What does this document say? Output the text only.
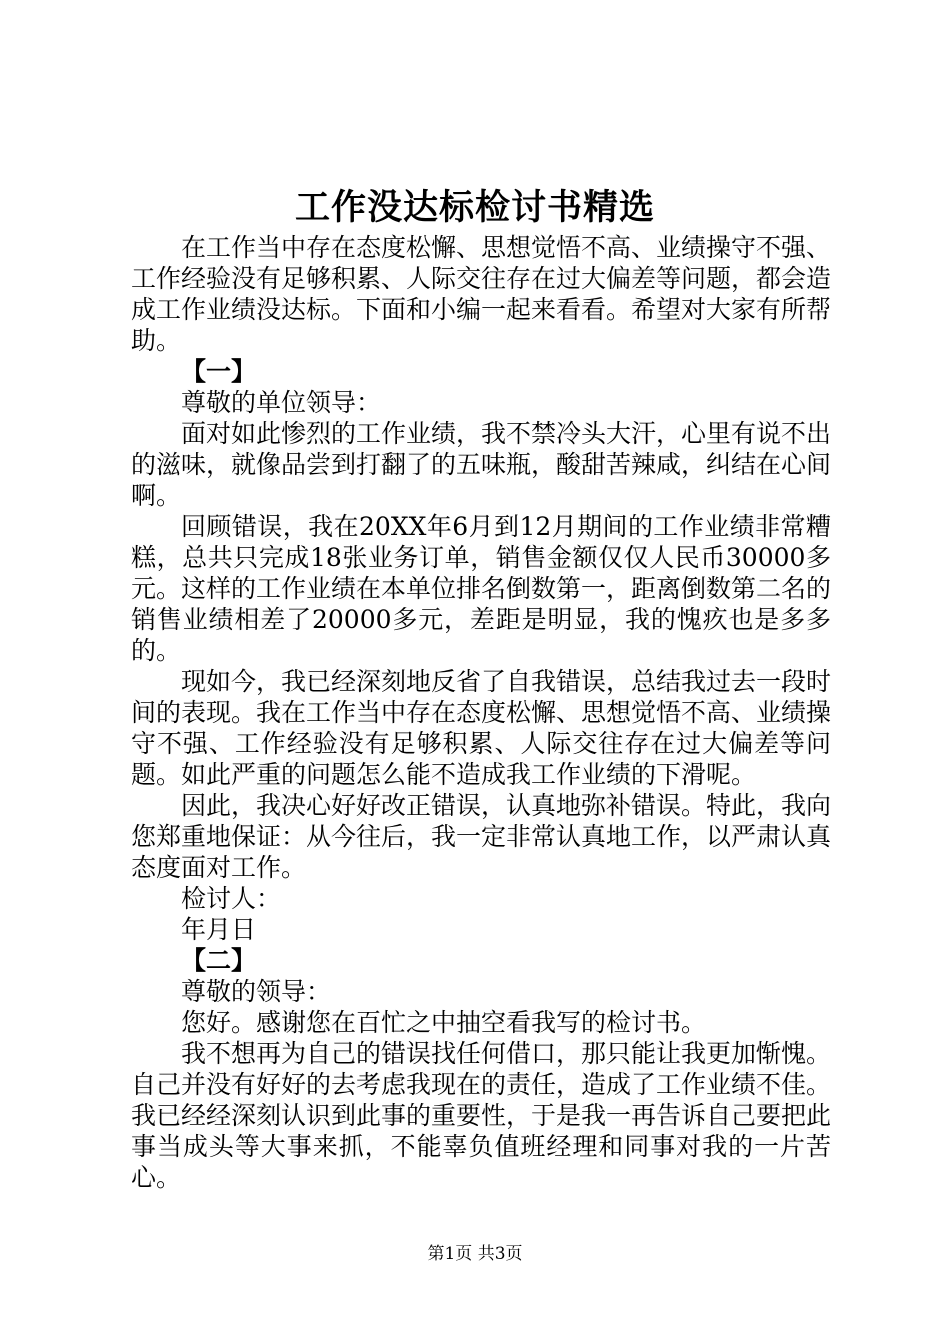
工作没达标检讨书精选

在工作当中存在态度松懈、思想觉悟不高、业绩操守不强、工作经验没有足够积累、人际交往存在过大偏差等问题，都会造成工作业绩没达标。下面和小编一起来看看。希望对大家有所帮助。

【一】

尊敬的单位领导：

面对如此惨烈的工作业绩，我不禁冷头大汗，心里有说不出的滋味，就像品尝到打翻了的五味瓶，酸甜苦辣咸，纠结在心间啊。

回顾错误，我在20XX年6月到12月期间的工作业绩非常糟糕，总共只完成18张业务订单，销售金额仅仅人民币30000多元。这样的工作业绩在本单位排名倒数第一，距离倒数第二名的销售业绩相差了20000多元，差距是明显，我的愧疚也是多多的。

现如今，我已经深刻地反省了自我错误，总结我过去一段时间的表现。我在工作当中存在态度松懈、思想觉悟不高、业绩操守不强、工作经验没有足够积累、人际交往存在过大偏差等问题。如此严重的问题怎么能不造成我工作业绩的下滑呢。

因此，我决心好好改正错误，认真地弥补错误。特此，我向您郑重地保证：从今往后，我一定非常认真地工作，以严肃认真态度面对工作。

检讨人：

年月日

【二】

尊敬的领导：

您好。感谢您在百忙之中抽空看我写的检讨书。

我不想再为自己的错误找任何借口，那只能让我更加惭愧。自己并没有好好的去考虑我现在的责任，造成了工作业绩不佳。我已经经深刻认识到此事的重要性，于是我一再告诉自己要把此事当成头等大事来抓，不能辜负值班经理和同事对我的一片苦心。

第1页 共3页
